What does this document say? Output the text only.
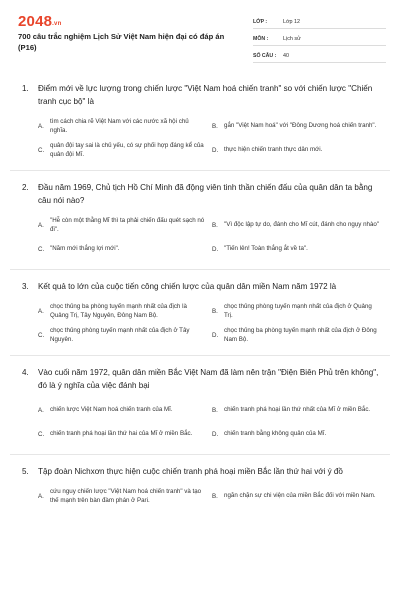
2048.vn
700 câu trắc nghiệm Lịch Sử Việt Nam hiện đại có đáp án (P16)
LỚP :	Lớp 12
MÔN :	Lịch sử
SỐ CÂU :	40
1.	Điểm mới về lực lượng trong chiến lược "Việt Nam hoá chiến tranh" so với chiến lược "Chiến tranh cục bộ" là
A.
tìm cách chia rẽ Việt Nam với các nước xã hội chủ nghĩa.
B. gắn "Việt Nam hoá" với "Đông Dương hoá chiến tranh".
C.
quân đội tay sai là chủ yếu, có sự phối hợp đáng kể của quân đội Mĩ.
D. thực hiện chiến tranh thực dân mới.
2.	Đầu năm 1969, Chủ tịch Hồ Chí Minh đã động viên tinh thần chiến đấu của quân dân ta bằng câu nói nào?
A.
"Hễ còn một thằng Mĩ thì ta phải chiến đấu quét sạch nó đi".
B. "Vì độc lập tự do, đánh cho Mĩ cút, đánh cho ngụy nhào"
C. "Năm mới thắng lợi mới".	D. "Tiến lên! Toàn thắng ắt về ta".
3.	Kết quả to lớn của cuộc tiến công chiến lược của quân dân miền Nam năm 1972 là
A.
chọc thủng ba phòng tuyến mạnh nhất của địch là Quảng Trị, Tây Nguyên, Đông Nam Bộ.
B.
chọc thủng phòng tuyến mạnh nhất của địch ở Quảng Trị.
C.
chọc thủng phòng tuyến mạnh nhất của địch ở Tây Nguyên.
D.
chọc thủng ba phòng tuyến mạnh nhất của địch ở Đông Nam Bộ.
4.	Vào cuối năm 1972, quân dân miền Bắc Việt Nam đã làm nên trận "Điện Biên Phủ trên không", đó là ý nghĩa của việc đánh bại
A. chiến lược Việt Nam hoá chiến tranh của Mĩ.	B. chiến tranh phá hoại lần thứ nhất của Mĩ ở miền Bắc.
C. chiến tranh phá hoại lần thứ hai của Mĩ ở miền Bắc.	D. chiến tranh bằng không quân của Mĩ.
5.	Tập đoàn Nichxơn thực hiện cuộc chiến tranh phá hoại miền Bắc lần thứ hai với ý đồ
A.
cứu nguy chiến lược "Việt Nam hoá chiến tranh" và tạo thế mạnh trên bàn đàm phán ở Pari.
B. ngăn chặn sự chi viện của miền Bắc đối với miền Nam.
